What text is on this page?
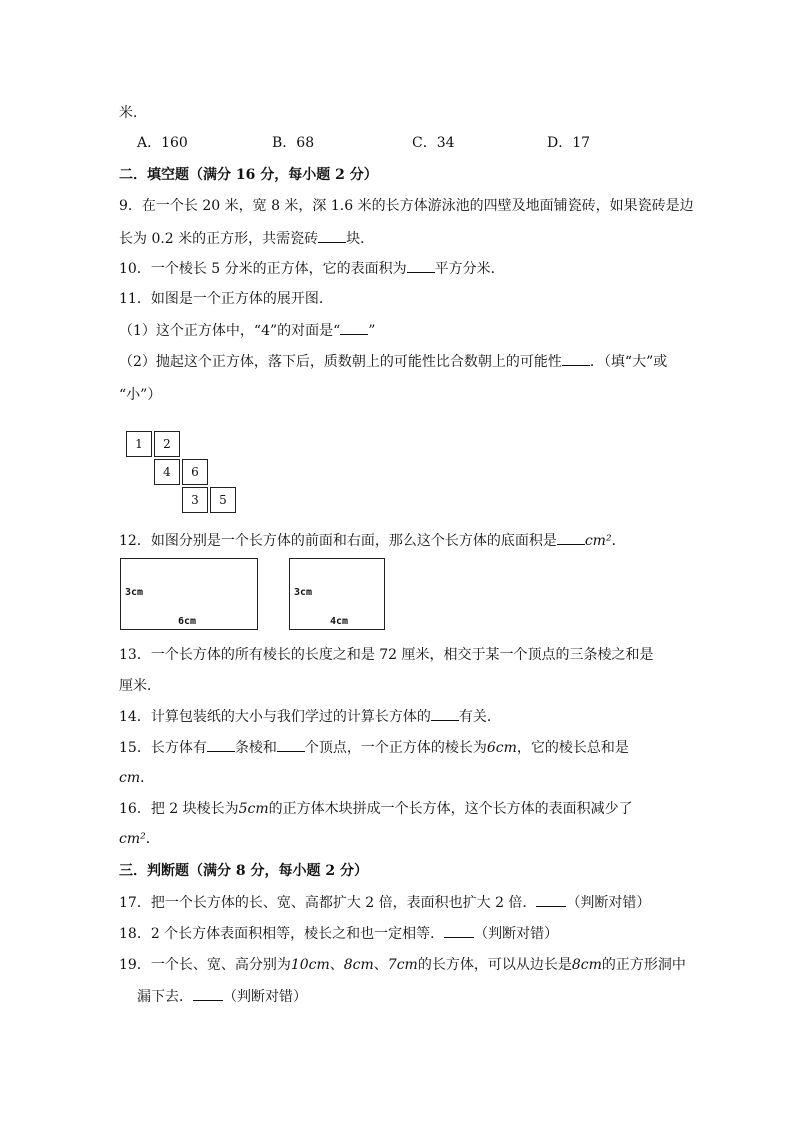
米．
A．160	B．68	C．34	D．17
二．填空题（满分 16 分，每小题 2 分）
9．在一个长 20 米，宽 8 米，深 1.6 米的长方体游泳池的四壁及地面铺瓷砖，如果瓷砖是边
长为 0.2 米的正方形，共需瓷砖 块．
10．一个棱长 5 分米的正方体，它的表面积为 平方分米．
11．如图是一个正方体的展开图．
（1）这个正方体中，“4”的对面是“ ”
（2）抛起这个正方体，落下后，质数朝上的可能性比合数朝上的可能性 ．（填“大”或
“小”）
1	2
4	6
3	5
12．如图分别是一个长方体的前面和右面，那么这个长方体的底面积是 cm²．
3cm
6cm
3cm
4cm
13．一个长方体的所有棱长的长度之和是 72 厘米，相交于某一个顶点的三条棱之和是
厘米．
14．计算包装纸的大小与我们学过的计算长方体的 有关．
15．长方体有 条棱和 个顶点，一个正方体的棱长为6cm，它的棱长总和是
cm．
16．把 2 块棱长为5cm的正方体木块拼成一个长方体，这个长方体的表面积减少了
cm²．
三．判断题（满分 8 分，每小题 2 分）
17．把一个长方体的长、宽、高都扩大 2 倍，表面积也扩大 2 倍． （判断对错）
18．2 个长方体表面积相等，棱长之和也一定相等． （判断对错）
19．一个长、宽、高分别为10cm、8cm、7cm的长方体，可以从边长是8cm的正方形洞中
漏下去． （判断对错）
